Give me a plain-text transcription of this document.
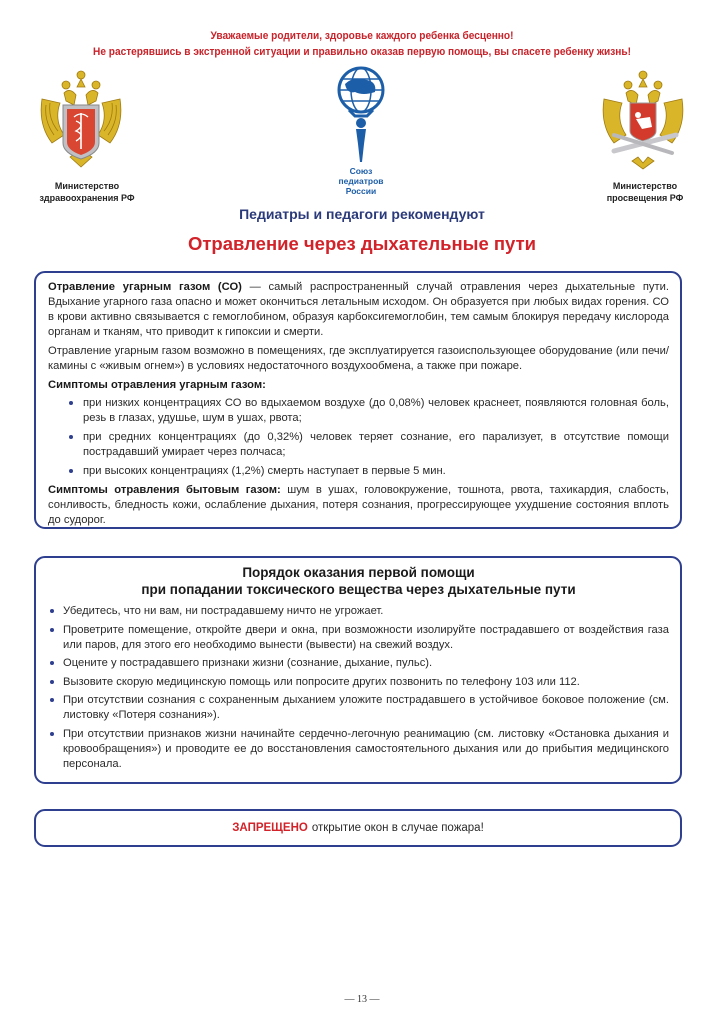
Уважаемые родители, здоровье каждого ребенка бесценно!
Не растерявшись в экстренной ситуации и правильно оказав первую помощь, вы спасете ребенку жизнь!
Министерство
здравоохранения РФ
Союз
педиатров
России	Министерство
просвещения РФ
Педиатры и педагоги рекомендуют
Отравление через дыхательные пути

Отравление угарным газом (СО) — самый распространенный случай отравления через дыхательные пути. Вдыхание угарного газа опасно и может окончиться летальным исходом. Он образуется при любых видах горения. СО в крови активно связывается с гемоглобином, образуя карбоксигемоглобин, тем самым блокируя передачу кислорода органам и тканям, что приводит к гипоксии и смерти.

Отравление угарным газом возможно в помещениях, где эксплуатируется газоиспользующее оборудование (или печи/камины с «живым огнем») в условиях недостаточного воздухообмена, а также при пожаре.

Симптомы отравления угарным газом:
при низких концентрациях СО во вдыхаемом воздухе (до 0,08%) человек краснеет, появляются головная боль, резь в глазах, удушье, шум в ушах, рвота;
при средних концентрациях (до 0,32%) человек теряет сознание, его парализует, в отсутствие помощи пострадавший умирает через полчаса;
при высоких концентрациях (1,2%) смерть наступает в первые 5 мин.

Симптомы отравления бытовым газом: шум в ушах, головокружение, тошнота, рвота, тахикардия, слабость, сонливость, бледность кожи, ослабление дыхания, потеря сознания, прогрессирующее ухудшение состояния вплоть до судорог.

Порядок оказания первой помощи
при попадании токсического вещества через дыхательные пути
Убедитесь, что ни вам, ни пострадавшему ничто не угрожает.
Проветрите помещение, откройте двери и окна, при возможности изолируйте пострадавшего от воздействия газа или паров, для этого его необходимо вынести (вывести) на свежий воздух.
Оцените у пострадавшего признаки жизни (сознание, дыхание, пульс).
Вызовите скорую медицинскую помощь или попросите других позвонить по телефону 103 или 112.
При отсутствии сознания с сохраненным дыханием уложите пострадавшего в устойчивое боковое положение (см. листовку «Потеря сознания»).
При отсутствии признаков жизни начинайте сердечно-легочную реанимацию (см. листовку «Остановка дыхания и кровообращения») и проводите ее до восстановления самостоятельного дыхания или до прибытия медицинского персонала.
ЗАПРЕЩЕНО открытие окон в случае пожара!
— 13 —
